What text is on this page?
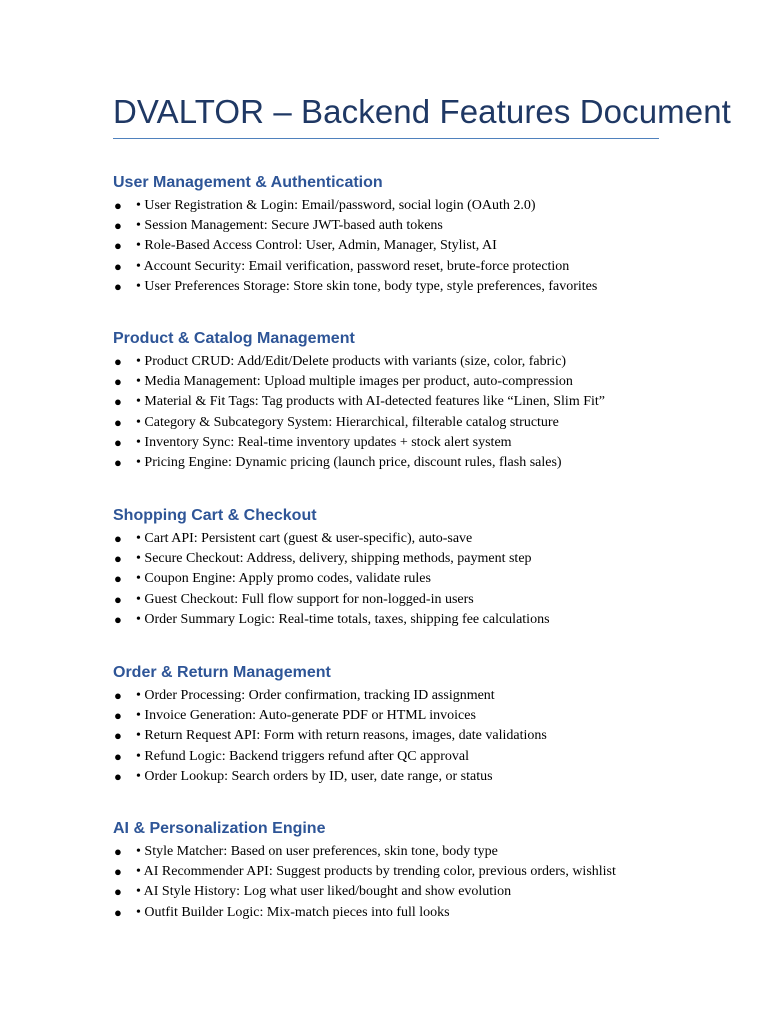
DVALTOR – Backend Features Document
User Management & Authentication
● • User Registration & Login: Email/password, social login (OAuth 2.0)
● • Session Management: Secure JWT-based auth tokens
● • Role-Based Access Control: User, Admin, Manager, Stylist, AI
● • Account Security: Email verification, password reset, brute-force protection
● • User Preferences Storage: Store skin tone, body type, style preferences, favorites
Product & Catalog Management
● • Product CRUD: Add/Edit/Delete products with variants (size, color, fabric)
● • Media Management: Upload multiple images per product, auto-compression
● • Material & Fit Tags: Tag products with AI-detected features like “Linen, Slim Fit”
● • Category & Subcategory System: Hierarchical, filterable catalog structure
● • Inventory Sync: Real-time inventory updates + stock alert system
● • Pricing Engine: Dynamic pricing (launch price, discount rules, flash sales)
Shopping Cart & Checkout
● • Cart API: Persistent cart (guest & user-specific), auto-save
● • Secure Checkout: Address, delivery, shipping methods, payment step
● • Coupon Engine: Apply promo codes, validate rules
● • Guest Checkout: Full flow support for non-logged-in users
● • Order Summary Logic: Real-time totals, taxes, shipping fee calculations
Order & Return Management
● • Order Processing: Order confirmation, tracking ID assignment
● • Invoice Generation: Auto-generate PDF or HTML invoices
● • Return Request API: Form with return reasons, images, date validations
● • Refund Logic: Backend triggers refund after QC approval
● • Order Lookup: Search orders by ID, user, date range, or status
AI & Personalization Engine
● • Style Matcher: Based on user preferences, skin tone, body type
● • AI Recommender API: Suggest products by trending color, previous orders, wishlist
● • AI Style History: Log what user liked/bought and show evolution
● • Outfit Builder Logic: Mix-match pieces into full looks
